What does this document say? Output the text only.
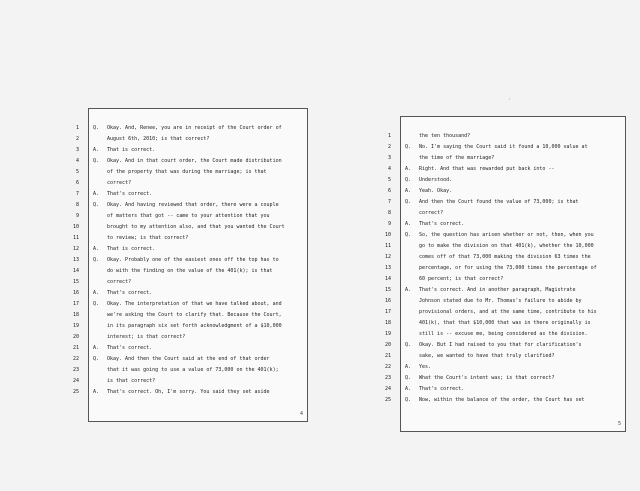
1	Q. Okay. And, Renee, you are in receipt of the Court order of
2	August 6th, 2010; is that correct?
3	A. That is correct.
4	Q. Okay. And in that court order, the Court made distribution
5	of the property that was during the marriage; is that
6	correct?
7	A. That's correct.
8	Q. Okay. And having reviewed that order, there were a couple
9	of matters that got -- came to your attention that you
10	brought to my attention also, and that you wanted the Court
11	to review; is that correct?
12	A. That is correct.
13	Q. Okay. Probably one of the easiest ones off the top has to
14	do with the finding on the value of the 401(k); is that
15	correct?
16	A. That's correct.
17	Q. Okay. The interpretation of that we have talked about, and
18	we're asking the Court to clarify that. Because the Court,
19	in its paragraph six set forth acknowledgment of a $10,000
20	interest; is that correct?
21	A. That's correct.
22	Q. Okay. And then the Court said at the end of that order
23	that it was going to use a value of 73,000 on the 401(k);
24	is that correct?
25	A. That's correct. Oh, I'm sorry. You said they set aside
4
1	the ten thousand?
2	Q. No. I'm saying the Court said it found a 10,000 value at
3	the time of the marriage?
4	A. Right. And that was rewarded put back into --
5	Q. Understood.
6	A. Yeah. Okay.
7	Q. And then the Court found the value of 73,000; is that
8	correct?
9	A. That's correct.
10	Q. So, the question has arisen whether or not, then, when you
11	go to make the division on that 401(k), whether the 10,000
12	comes off of that 73,000 making the division 63 times the
13	percentage, or for using the 73,000 times the percentage of
14	60 percent; is that correct?
15	A. That's correct. And in another paragraph, Magistrate
16	Johnson stated due to Mr. Thomas's failure to abide by
17	provisional orders, and at the same time, contribute to his
18	401(k), that that $10,000 that was in there originally is
19	still is -- excuse me, being considered as the division.
20	Q. Okay. But I had raised to you that for clarification's
21	sake, we wanted to have that truly clarified?
22	A. Yes.
23	Q. What the Court's intent was; is that correct?
24	A. That's correct.
25	Q. Now, within the balance of the order, the Court has set
5
'
